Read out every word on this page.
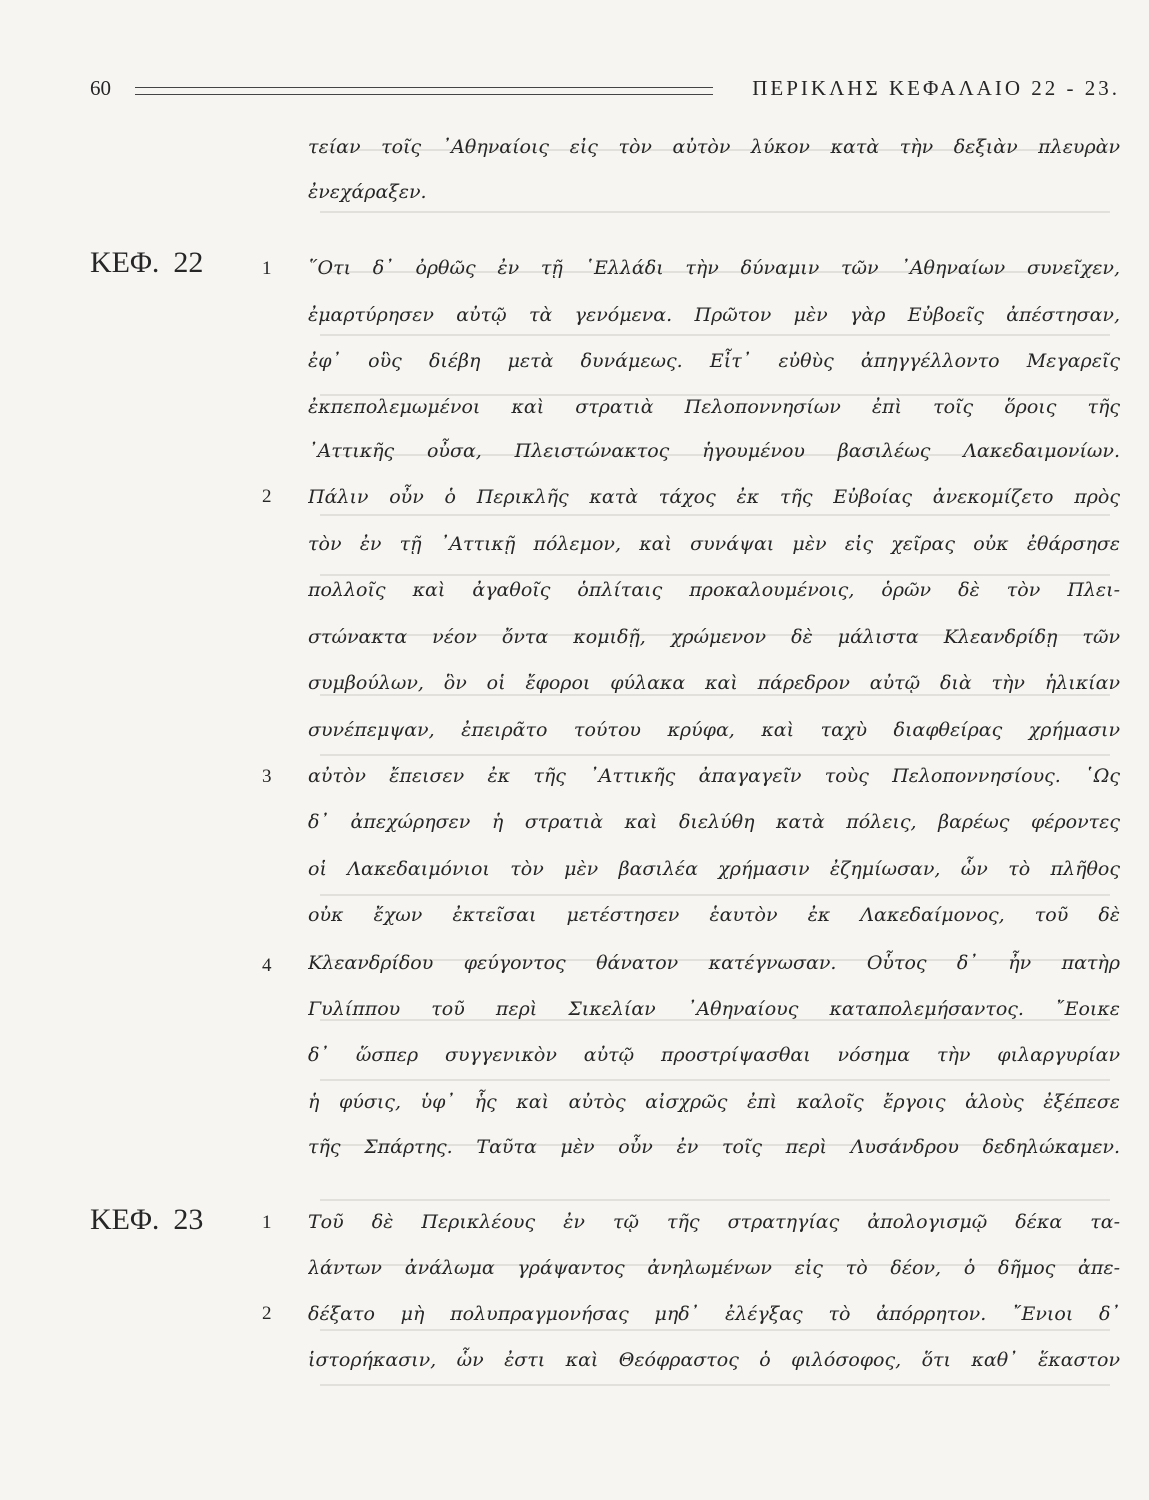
60	ΠΕΡΙΚΛΗΣ ΚΕΦΑΛΑΙΟ 22 - 23.
ΚΕΦ. 22
ΚΕΦ. 23
1
2
3
4
1
2
τείαν τοῖς ᾿Αθηναίοις εἰς τὸν αὐτὸν λύκον κατὰ τὴν δεξιὰν πλευρὰν
ἐνεχάραξεν.
῞Οτι δ᾿ ὀρθῶς ἐν τῇ ῾Ελλάδι τὴν δύναμιν τῶν ᾿Αθηναίων συνεῖχεν,
ἐμαρτύρησεν αὐτῷ τὰ γενόμενα. Πρῶτον μὲν γὰρ Εὐβοεῖς ἀπέστησαν,
ἐφ᾿ οὓς διέβη μετὰ δυνάμεως. Εἶτ᾿ εὐθὺς ἀπηγγέλλοντο Μεγαρεῖς
ἐκπεπολεμωμένοι καὶ στρατιὰ Πελοποννησίων ἐπὶ τοῖς ὅροις τῆς
᾿Αττικῆς οὖσα, Πλειστώνακτος ἡγουμένου βασιλέως Λακεδαιμονίων.
Πάλιν οὖν ὁ Περικλῆς κατὰ τάχος ἐκ τῆς Εὐβοίας ἀνεκομίζετο πρὸς
τὸν ἐν τῇ ᾿Αττικῇ πόλεμον, καὶ συνάψαι μὲν εἰς χεῖρας οὐκ ἐθάρσησε
πολλοῖς καὶ ἀγαθοῖς ὁπλίταις προκαλουμένοις, ὁρῶν δὲ τὸν Πλει-
στώνακτα νέον ὄντα κομιδῇ, χρώμενον δὲ μάλιστα Κλεανδρίδῃ τῶν
συμβούλων, ὃν οἱ ἔφοροι φύλακα καὶ πάρεδρον αὐτῷ διὰ τὴν ἡλικίαν
συνέπεμψαν, ἐπειρᾶτο τούτου κρύφα, καὶ ταχὺ διαφθείρας χρήμασιν
αὐτὸν ἔπεισεν ἐκ τῆς ᾿Αττικῆς ἀπαγαγεῖν τοὺς Πελοποννησίους. ῾Ως
δ᾿ ἀπεχώρησεν ἡ στρατιὰ καὶ διελύθη κατὰ πόλεις, βαρέως φέροντες
οἱ Λακεδαιμόνιοι τὸν μὲν βασιλέα χρήμασιν ἐζημίωσαν, ὧν τὸ πλῆθος
οὐκ ἔχων ἐκτεῖσαι μετέστησεν ἑαυτὸν ἐκ Λακεδαίμονος, τοῦ δὲ
Κλεανδρίδου φεύγοντος θάνατον κατέγνωσαν. Οὗτος δ᾿ ἦν πατὴρ
Γυλίππου τοῦ περὶ Σικελίαν ᾿Αθηναίους καταπολεμήσαντος. ῎Εοικε
δ᾿ ὥσπερ συγγενικὸν αὐτῷ προστρίψασθαι νόσημα τὴν φιλαργυρίαν
ἡ φύσις, ὑφ᾿ ἧς καὶ αὐτὸς αἰσχρῶς ἐπὶ καλοῖς ἔργοις ἁλοὺς ἐξέπεσε
τῆς Σπάρτης. Ταῦτα μὲν οὖν ἐν τοῖς περὶ Λυσάνδρου δεδηλώκαμεν.
Τοῦ δὲ Περικλέους ἐν τῷ τῆς στρατηγίας ἀπολογισμῷ δέκα τα-
λάντων ἀνάλωμα γράψαντος ἀνηλωμένων εἰς τὸ δέον, ὁ δῆμος ἀπε-
δέξατο μὴ πολυπραγμονήσας μηδ᾿ ἐλέγξας τὸ ἀπόρρητον. ῎Ενιοι δ᾿
ἱστορήκασιν, ὧν ἐστι καὶ Θεόφραστος ὁ φιλόσοφος, ὅτι καθ᾿ ἕκαστον
